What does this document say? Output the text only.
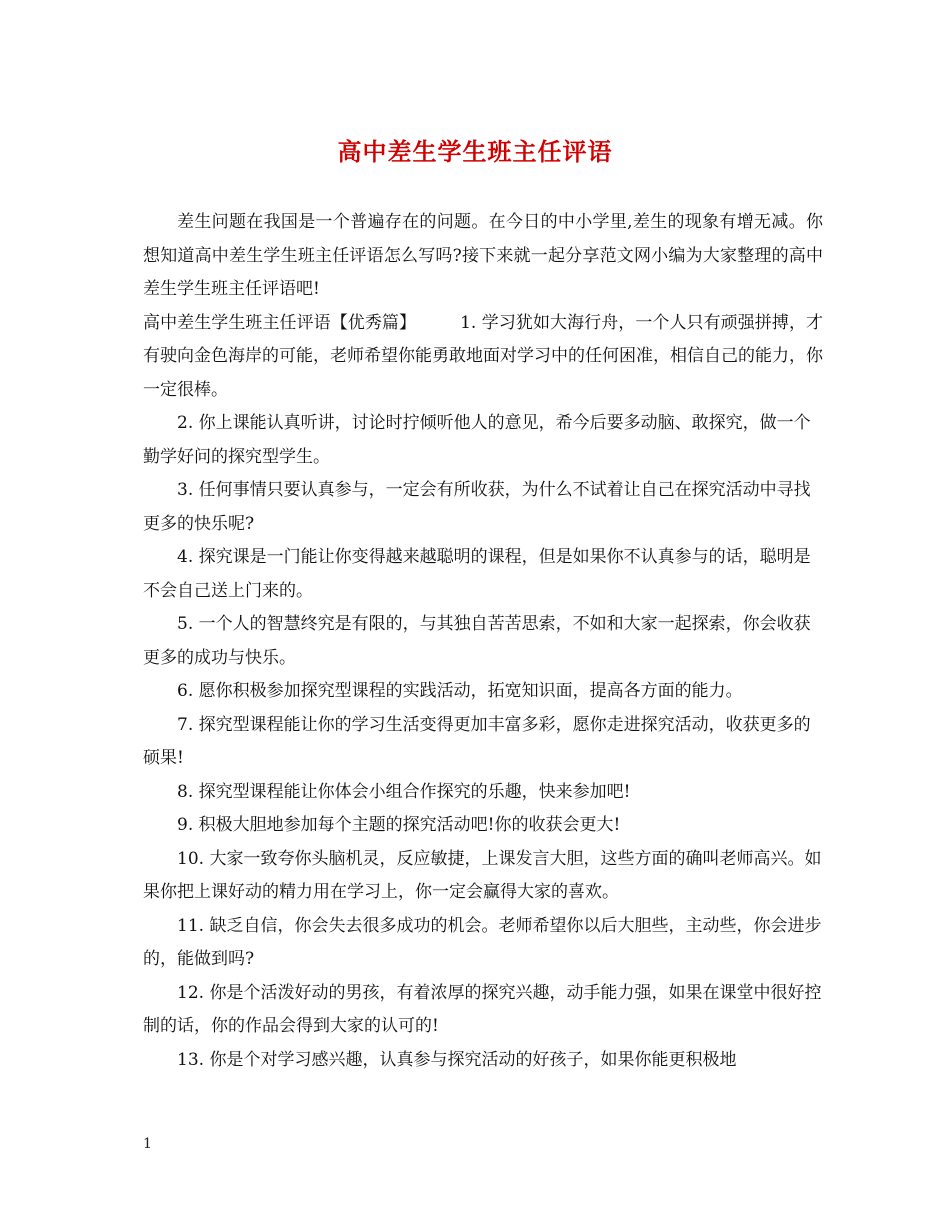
高中差生学生班主任评语

差生问题在我国是一个普遍存在的问题。在今日的中小学里,差生的现象有增无减。你想知道高中差生学生班主任评语怎么写吗?接下来就一起分享范文网小编为大家整理的高中差生学生班主任评语吧!

高中差生学生班主任评语【优秀篇】	1. 学习犹如大海行舟，一个人只有顽强拼搏，才有驶向金色海岸的可能，老师希望你能勇敢地面对学习中的任何困准，相信自己的能力，你一定很棒。

2. 你上课能认真听讲，讨论时拧倾听他人的意见，希今后要多动脑、敢探究，做一个勤学好问的探究型学生。

3. 任何事情只要认真参与，一定会有所收获，为什么不试着让自己在探究活动中寻找更多的快乐呢?

4. 探究课是一门能让你变得越来越聪明的课程，但是如果你不认真参与的话，聪明是不会自己送上门来的。

5. 一个人的智慧终究是有限的，与其独自苦苦思索，不如和大家一起探索，你会收获更多的成功与快乐。

6. 愿你积极参加探究型课程的实践活动，拓宽知识面，提高各方面的能力。

7. 探究型课程能让你的学习生活变得更加丰富多彩，愿你走进探究活动，收获更多的硕果!

8. 探究型课程能让你体会小组合作探究的乐趣，快来参加吧!

9. 积极大胆地参加每个主题的探究活动吧!你的收获会更大!

10. 大家一致夸你头脑机灵，反应敏捷，上课发言大胆，这些方面的确叫老师高兴。如果你把上课好动的精力用在学习上，你一定会赢得大家的喜欢。

11. 缺乏自信，你会失去很多成功的机会。老师希望你以后大胆些，主动些，你会进步的，能做到吗?

12. 你是个活泼好动的男孩，有着浓厚的探究兴趣，动手能力强，如果在课堂中很好控制的话，你的作品会得到大家的认可的!

13. 你是个对学习感兴趣，认真参与探究活动的好孩子，如果你能更积极地

1
